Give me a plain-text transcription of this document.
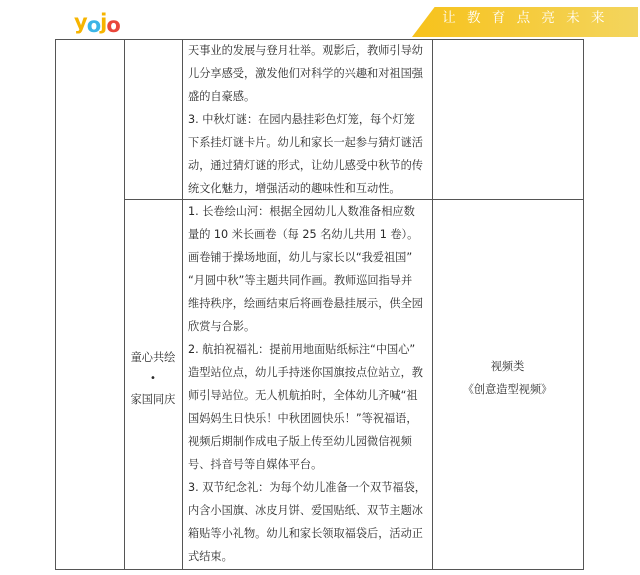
y o j o	让 教 育 点 亮 未 来
天事业的发展与登月壮举。观影后，教师引导幼
儿分享感受，激发他们对科学的兴趣和对祖国强
盛的自豪感。
3. 中秋灯谜：在园内悬挂彩色灯笼，每个灯笼
下系挂灯谜卡片。幼儿和家长一起参与猜灯谜活
动，通过猜灯谜的形式，让幼儿感受中秋节的传
统文化魅力，增强活动的趣味性和互动性。
童心共绘
•
家国同庆
1. 长卷绘山河：根据全园幼儿人数准备相应数
量的 10 米长画卷（每 25 名幼儿共用 1 卷）。
画卷铺于操场地面，幼儿与家长以“我爱祖国”
“月圆中秋”等主题共同作画。教师巡回指导并
维持秩序，绘画结束后将画卷悬挂展示，供全园
欣赏与合影。
2. 航拍祝福礼：提前用地面贴纸标注“中国心”
造型站位点，幼儿手持迷你国旗按点位站立，教
师引导站位。无人机航拍时，全体幼儿齐喊“祖
国妈妈生日快乐！中秋团圆快乐！”等祝福语，
视频后期制作成电子版上传至幼儿园微信视频
号、抖音号等自媒体平台。
3. 双节纪念礼：为每个幼儿准备一个双节福袋，
内含小国旗、冰皮月饼、爱国贴纸、双节主题冰
箱贴等小礼物。幼儿和家长领取福袋后，活动正
式结束。
视频类
《创意造型视频》
